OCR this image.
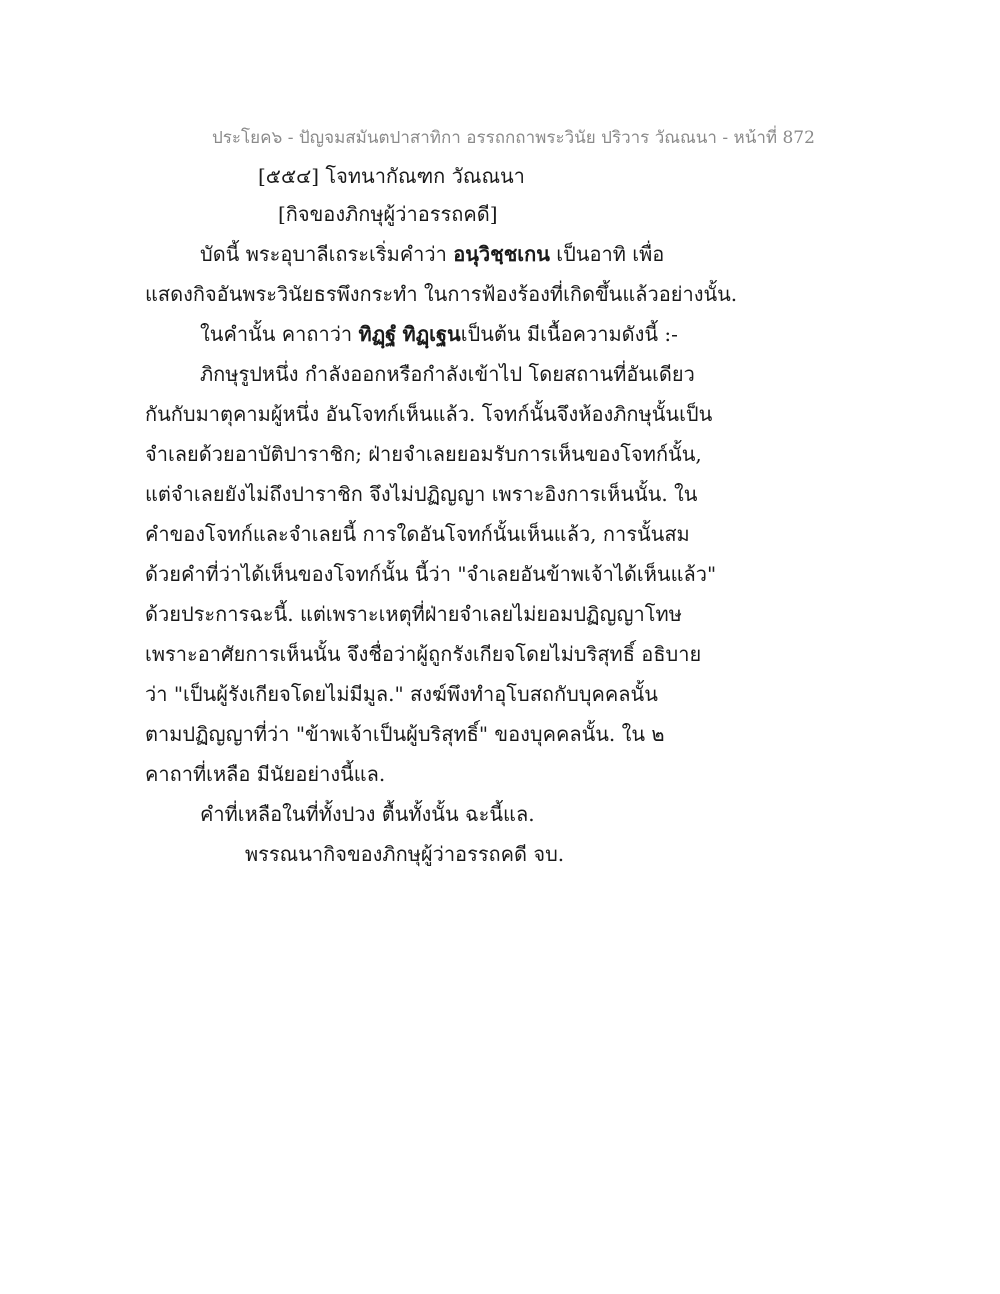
ประโยค๖ - ปัญจมสมันตปาสาทิกา อรรถกถาพระวินัย ปริวาร วัณณนา - หน้าที่ 872
[๕๕๔] โจทนากัณฑก วัณณนา
[กิจของภิกษุผู้ว่าอรรถคดี]
บัดนี้ พระอุบาลีเถระเริ่มคำว่า อนุวิชฺชเกน เป็นอาทิ เพื่อ
แสดงกิจอันพระวินัยธรพึงกระทำ ในการฟ้องร้องที่เกิดขึ้นแล้วอย่างนั้น.
ในคำนั้น คาถาว่า ทิฏฺฐํ ทิฏฺเฐนเป็นต้น มีเนื้อความดังนี้ :-
ภิกษุรูปหนึ่ง กำลังออกหรือกำลังเข้าไป โดยสถานที่อันเดียว
กันกับมาตุคามผู้หนึ่ง อันโจทก์เห็นแล้ว. โจทก์นั้นจึงห้องภิกษุนั้นเป็น
จำเลยด้วยอาบัติปาราชิก; ฝ่ายจำเลยยอมรับการเห็นของโจทก์นั้น,
แต่จำเลยยังไม่ถึงปาราชิก จึงไม่ปฏิญญา เพราะอิงการเห็นนั้น. ใน
คำของโจทก์และจำเลยนี้ การใดอันโจทก์นั้นเห็นแล้ว, การนั้นสม
ด้วยคำที่ว่าได้เห็นของโจทก์นั้น นี้ว่า "จำเลยอันข้าพเจ้าได้เห็นแล้ว"
ด้วยประการฉะนี้. แต่เพราะเหตุที่ฝ่ายจำเลยไม่ยอมปฏิญญาโทษ
เพราะอาศัยการเห็นนั้น จึงชื่อว่าผู้ถูกรังเกียจโดยไม่บริสุทธิ์ อธิบาย
ว่า "เป็นผู้รังเกียจโดยไม่มีมูล." สงฆ์พึงทำอุโบสถกับบุคคลนั้น
ตามปฏิญญาที่ว่า "ข้าพเจ้าเป็นผู้บริสุทธิ์" ของบุคคลนั้น. ใน ๒
คาถาที่เหลือ มีนัยอย่างนี้แล.
คำที่เหลือในที่ทั้งปวง ตื้นทั้งนั้น ฉะนี้แล.
พรรณนากิจของภิกษุผู้ว่าอรรถคดี จบ.
